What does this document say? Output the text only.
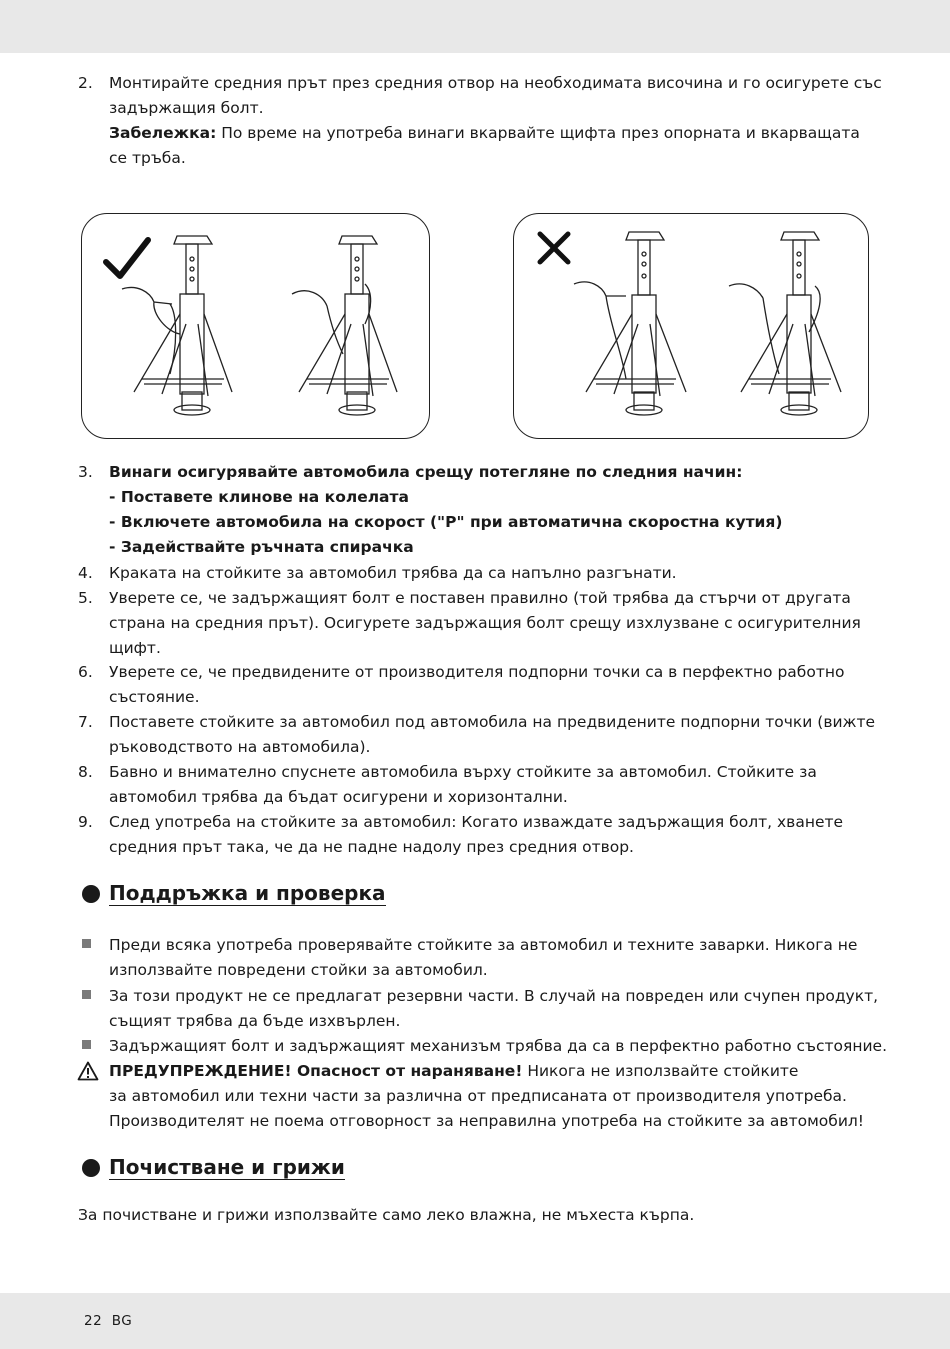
2. Монтирайте средния прът през средния отвор на необходимата височина и го осигурете със
задържащия болт.
Забележка: По време на употреба винаги вкарвайте щифта през опорната и вкарващата
се тръба.
3. Винаги осигурявайте автомобила срещу потегляне по следния начин:
- Поставете клинове на колелата
- Включете автомобила на скорост ("P" при автоматична скоростна кутия)
- Задействайте ръчната спирачка
4. Краката на стойките за автомобил трябва да са напълно разгънати.
5. Уверете се, че задържащият болт е поставен правилно (той трябва да стърчи от другата
страна на средния прът). Осигурете задържащия болт срещу изхлузване с осигурителния
щифт.
6. Уверете се, че предвидените от производителя подпорни точки са в перфектно работно
състояние.
7. Поставете стойките за автомобил под автомобила на предвидените подпорни точки (вижте
ръководството на автомобила).
8. Бавно и внимателно спуснете автомобила върху стойките за автомобил. Стойките за
автомобил трябва да бъдат осигурени и хоризонтални.
9. След употреба на стойките за автомобил: Когато изваждате задържащия болт, хванете
средния прът така, че да не падне надолу през средния отвор.
Поддръжка и проверка
Преди всяка употреба проверявайте стойките за автомобил и техните заварки. Никога не
използвайте повредени стойки за автомобил.
За този продукт не се предлагат резервни части. В случай на повреден или счупен продукт,
същият трябва да бъде изхвърлен.
Задържащият болт и задържащият механизъм трябва да са в перфектно работно състояние.
ПРЕДУПРЕЖДЕНИЕ! Опасност от нараняване! Никога не използвайте стойките
за автомобил или техни части за различна от предписаната от производителя употреба.
Производителят не поема отговорност за неправилна употреба на стойките за автомобил!
Почистване и грижи
За почистване и грижи използвайте само леко влажна, не мъхеста кърпа.
22 BG
